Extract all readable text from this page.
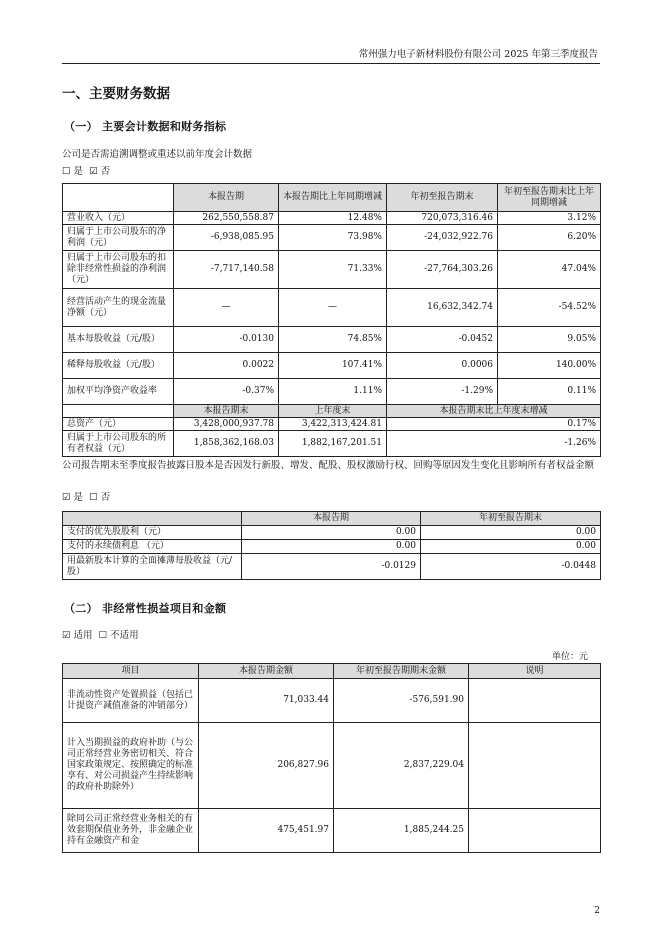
常州强力电子新材料股份有限公司 2025 年第三季度报告
一、主要财务数据
（一） 主要会计数据和财务指标
公司是否需追溯调整或重述以前年度会计数据
☐ 是 ☑ 否
	本报告期	本报告期比上年同期增减	年初至报告期末	年初至报告期末比上年同期增减
营业收入（元）	262,550,558.87	12.48%	720,073,316.46	3.12%
归属于上市公司股东的净利润（元）	-6,938,085.95	73.98%	-24,032,922.76	6.20%
归属于上市公司股东的扣除非经常性损益的净利润（元）	-7,717,140.58	71.33%	-27,764,303.26	47.04%
经营活动产生的现金流量净额（元）	—	—	16,632,342.74	-54.52%
基本每股收益（元/股）	-0.0130	74.85%	-0.0452	9.05%
稀释每股收益（元/股）	0.0022	107.41%	0.0006	140.00%
加权平均净资产收益率	-0.37%	1.11%	-1.29%	0.11%
	本报告期末	上年度末	本报告期末比上年度末增减	
总资产（元）	3,428,000,937.78	3,422,313,424.81	0.17%	
归属于上市公司股东的所有者权益（元）	1,858,362,168.03	1,882,167,201.51	-1.26%	
公司报告期末至季度报告披露日股本是否因发行新股、增发、配股、股权激励行权、回购等原因发生变化且影响所有者权益金额
☑ 是 ☐ 否
	本报告期	年初至报告期末
支付的优先股股利（元）	0.00	0.00
支付的永续债利息 （元）	0.00	0.00
用最新股本计算的全面摊薄每股收益（元/股）	-0.0129	-0.0448
（二） 非经常性损益项目和金额
☑ 适用 ☐ 不适用
单位：元
项目	本报告期金额	年初至报告期期末金额	说明
非流动性资产处置损益（包括已计提资产减值准备的冲销部分）	71,033.44	-576,591.90	
计入当期损益的政府补助（与公司正常经营业务密切相关、符合国家政策规定、按照确定的标准享有、对公司损益产生持续影响的政府补助除外）	206,827.96	2,837,229.04	
除同公司正常经营业务相关的有效套期保值业务外，非金融企业持有金融资产和金	475,451.97	1,885,244.25	
2
